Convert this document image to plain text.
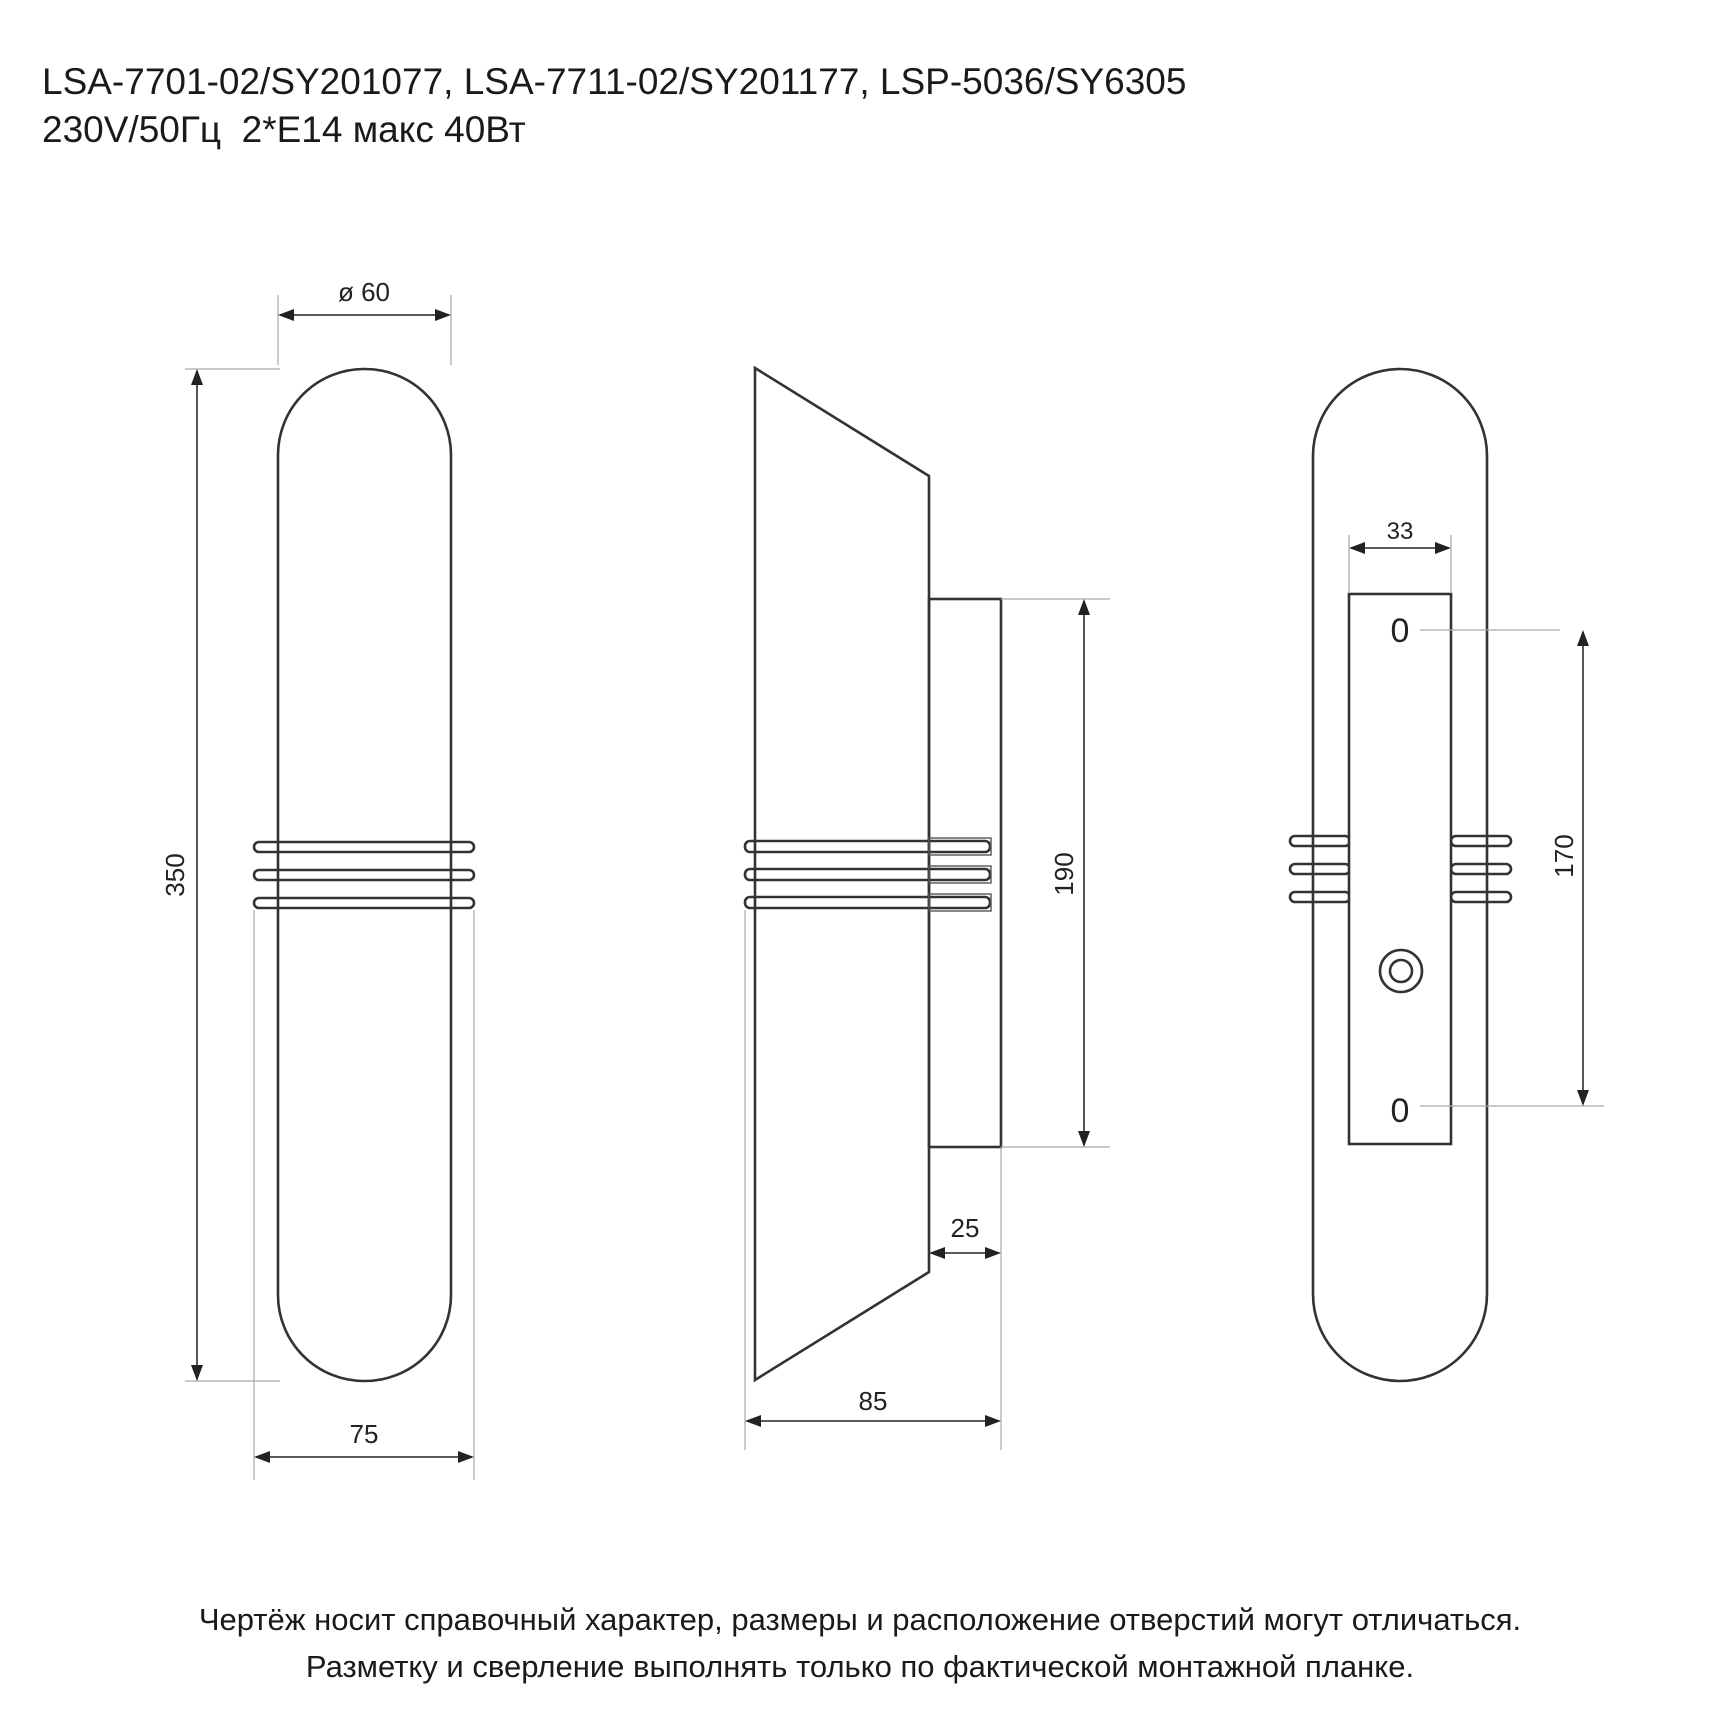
LSA-7701-02/SY201077, LSA-7711-02/SY201177, LSP-5036/SY6305
230V/50Гц  2*E14 макс 40Вт
ø 60
350
75
190
25
85
0
0
33
170
Чертёж носит справочный характер, размеры и расположение отверстий могут отличаться.
Разметку и сверление выполнять только по фактической монтажной планке.
